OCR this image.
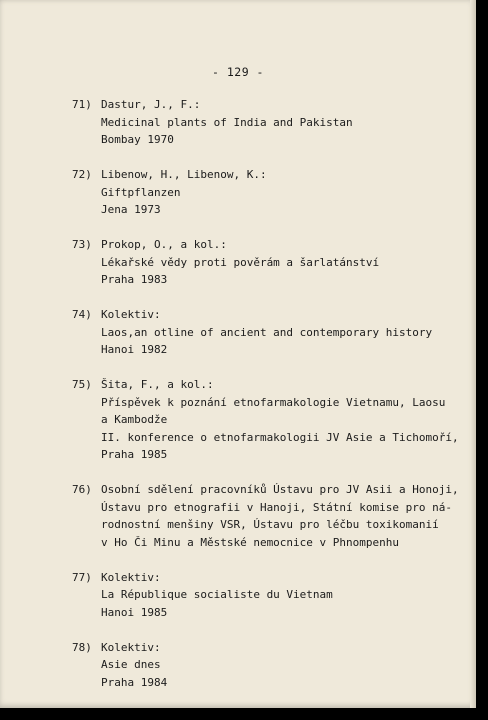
- 129 -
71) Dastur, J., F.:
Medicinal plants of India and Pakistan
Bombay 1970
72) Libenow, H., Libenow, K.:
Giftpflanzen
Jena 1973
73) Prokop, O., a kol.:
Lékařské vědy proti pověrám a šarlatánství
Praha 1983
74) Kolektiv:
Laos,an otline of ancient and contemporary history
Hanoi 1982
75) Šita, F., a kol.:
Příspěvek k poznání etnofarmakologie Vietnamu, Laosu
a Kambodže
II. konference o etnofarmakologii JV Asie a Tichomoří,
Praha 1985
76) Osobní sdělení pracovníků Ústavu pro JV Asii a Honoji,
Ústavu pro etnografii v Hanoji, Státní komise pro ná-
rodnostní menšiny VSR, Ústavu pro léčbu toxikomanií
v Ho Či Minu a Městské nemocnice v Phnompenhu
77) Kolektiv:
La République socialiste du Vietnam
Hanoi 1985
78) Kolektiv:
Asie dnes
Praha 1984
